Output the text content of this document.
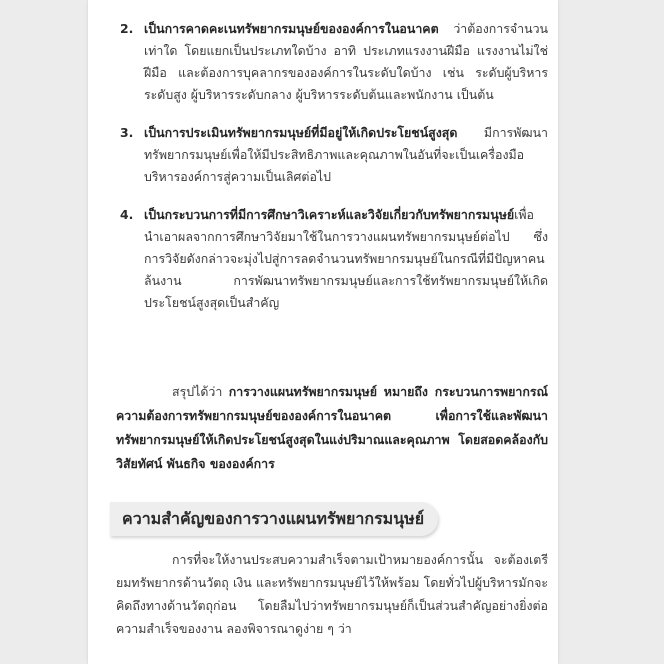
2. เป็นการคาดคะเนทรัพยากรมนุษย์ขององค์การในอนาคต ว่าต้องการจำนวนเท่าใด โดยแยกเป็นประเภทใดบ้าง อาทิ ประเภทแรงงานฝีมือ แรงงานไม่ใช่ฝีมือ และต้องการบุคลากรขององค์การในระดับใดบ้าง เช่น ระดับผู้บริหารระดับสูง ผู้บริหารระดับกลาง ผู้บริหารระดับต้นและพนักงาน เป็นต้น
3. เป็นการประเมินทรัพยากรมนุษย์ที่มีอยู่ให้เกิดประโยชน์สูงสุด มีการพัฒนาทรัพยากรมนุษย์เพื่อให้มีประสิทธิภาพและคุณภาพในอันที่จะเป็นเครื่องมือบริหารองค์การสู่ความเป็นเลิศต่อไป
4. เป็นกระบวนการที่มีการศึกษาวิเคราะห์และวิจัยเกี่ยวกับทรัพยากรมนุษย์เพื่อนำเอาผลจากการศึกษาวิจัยมาใช้ในการวางแผนทรัพยากรมนุษย์ต่อไป ซึ่งการวิจัยดังกล่าวจะมุ่งไปสู่การลดจำนวนทรัพยากรมนุษย์ในกรณีที่มีปัญหาคนล้นงาน การพัฒนาทรัพยากรมนุษย์และการใช้ทรัพยากรมนุษย์ให้เกิดประโยชน์สูงสุดเป็นสำคัญ

สรุปได้ว่า การวางแผนทรัพยากรมนุษย์ หมายถึง กระบวนการพยากรณ์ความต้องการทรัพยากรมนุษย์ขององค์การในอนาคต เพื่อการใช้และพัฒนาทรัพยากรมนุษย์ให้เกิดประโยชน์สูงสุดในแง่ปริมาณและคุณภาพ โดยสอดคล้องกับวิสัยทัศน์ พันธกิจ ขององค์การ

ความสำคัญของการวางแผนทรัพยากรมนุษย์

การที่จะให้งานประสบความสำเร็จตามเป้าหมายองค์การนั้น จะต้องเตรียมทรัพยากรด้านวัตถุ เงิน และทรัพยากรมนุษย์ไว้ให้พร้อม โดยทั่วไปผู้บริหารมักจะคิดถึงทางด้านวัตถุก่อน โดยลืมไปว่าทรัพยากรมนุษย์ก็เป็นส่วนสำคัญอย่างยิ่งต่อความสำเร็จของงาน ลองพิจารณาดูง่าย ๆ ว่า
